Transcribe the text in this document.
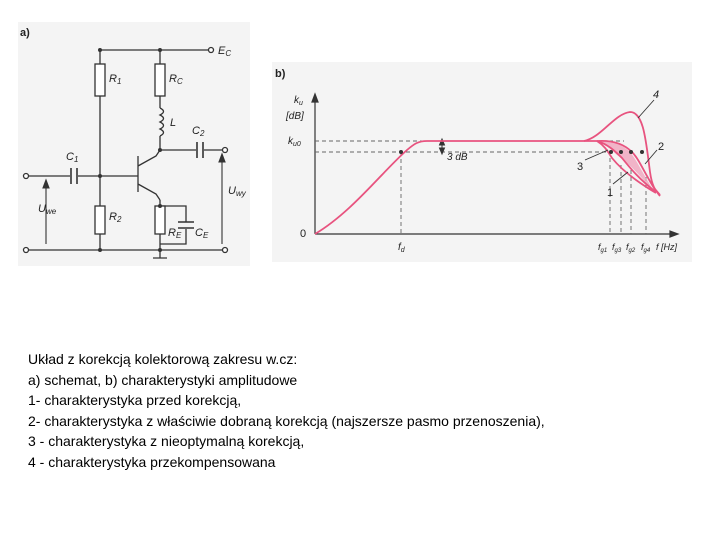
a)
EC
R1	RC
L
C2
C1
Uwy
Uwe	R2
RE CE
b)
3 dB
4
2
3
1
$k_u$
[dB]
$k_{u0}$
0
$f_d$	$f_{g1}$ $f_{g3}$ $f_{g2}$ $f_{g4}$ f [Hz]
Układ z korekcją kolektorową zakresu w.cz:
a) schemat, b) charakterystyki amplitudowe
1- charakterystyka przed korekcją,
2- charakterystyka z właściwie dobraną korekcją (najszersze pasmo przenoszenia),
3 - charakterystyka z nieoptymalną korekcją,
4 - charakterystyka przekompensowana
